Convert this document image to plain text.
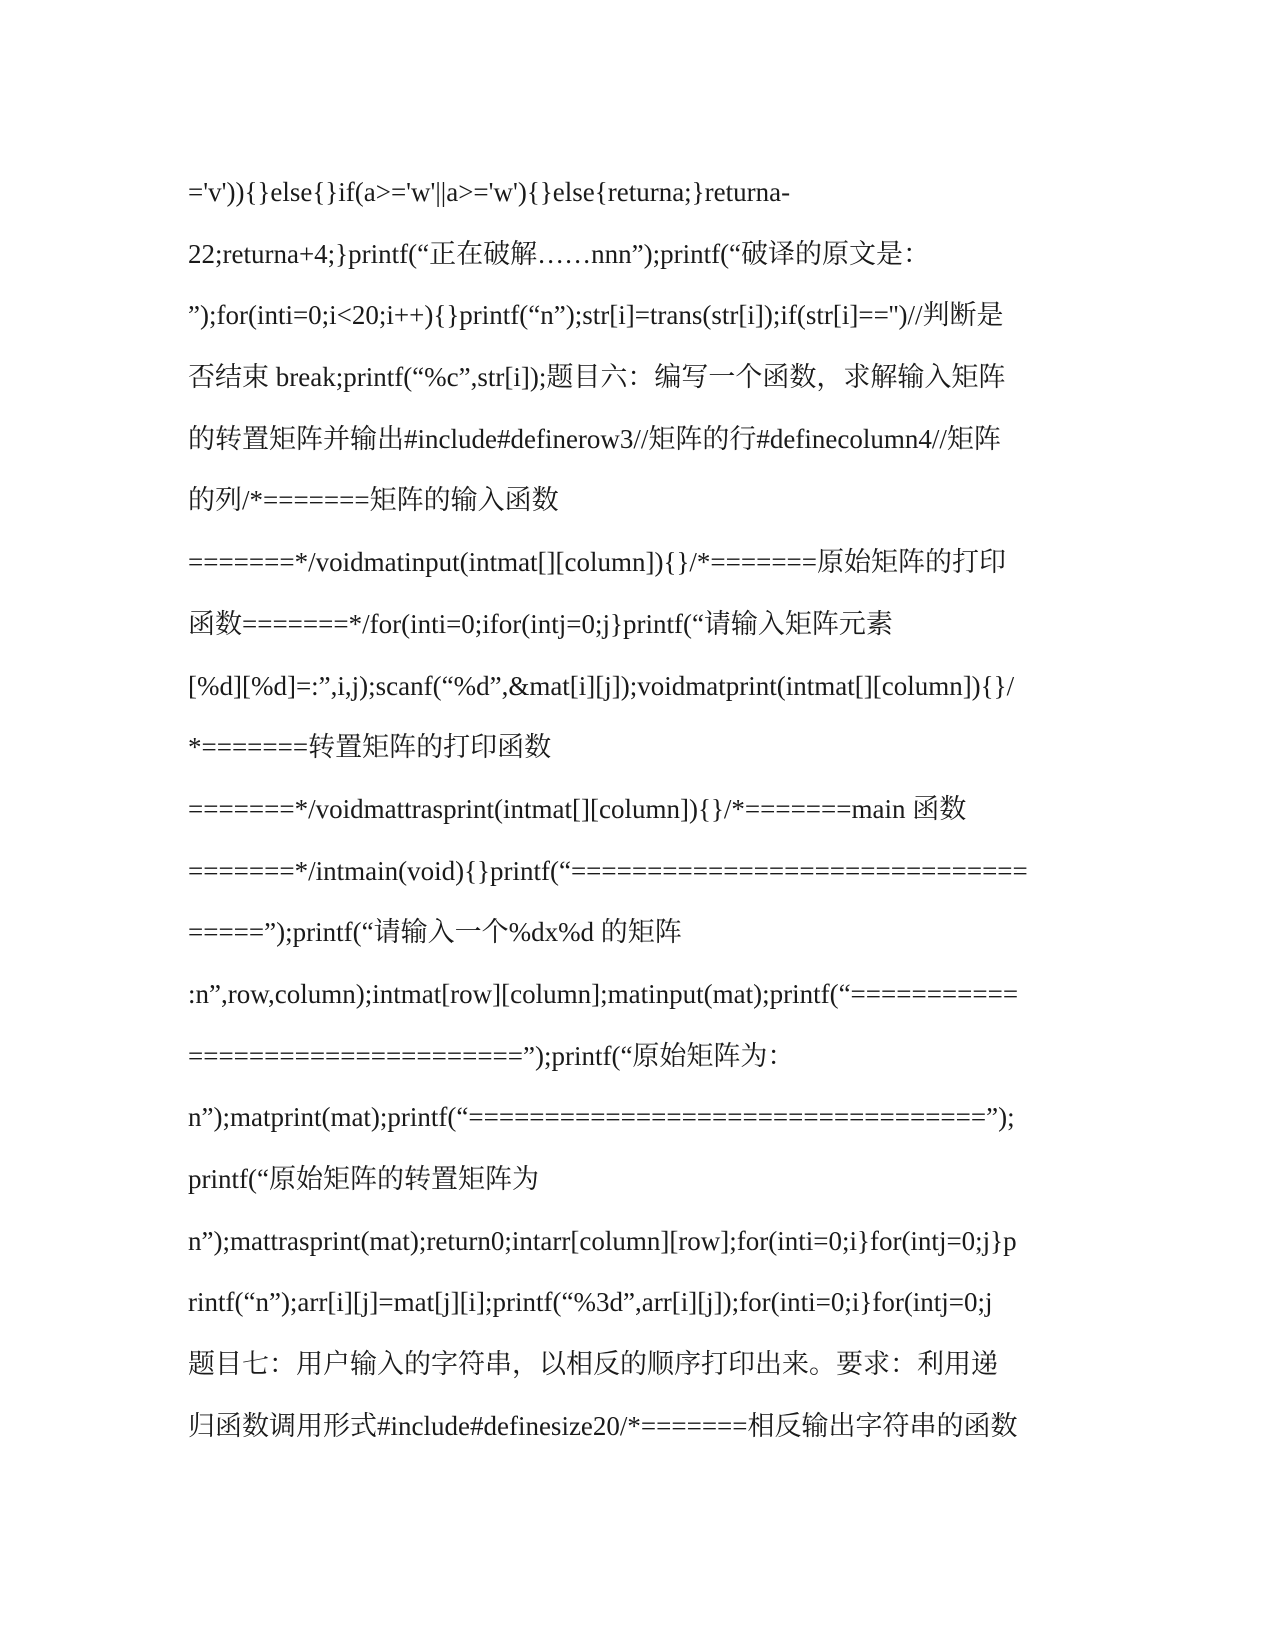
='v')){}else{}if(a>='w'||a>='w'){}else{returna;}returna-
22;returna+4;}printf(“正在破解……nnn”);printf(“破译的原文是：
”);for(inti=0;i<20;i++){}printf(“n”);str[i]=trans(str[i]);if(str[i]=='')//判断是
否结束 break;printf(“%c”,str[i]);题目六：编写一个函数，求解输入矩阵
的转置矩阵并输出#include#definerow3//矩阵的行#definecolumn4//矩阵
的列/*=======矩阵的输入函数
=======*/voidmatinput(intmat[][column]){}/*=======原始矩阵的打印
函数=======*/for(inti=0;ifor(intj=0;j}printf(“请输入矩阵元素
[%d][%d]=:”,i,j);scanf(“%d”,&mat[i][j]);voidmatprint(intmat[][column]){}/
*=======转置矩阵的打印函数
=======*/voidmattrasprint(intmat[][column]){}/*=======main 函数
=======*/intmain(void){}printf(“==============================
=====”);printf(“请输入一个%dx%d 的矩阵
:n”,row,column);intmat[row][column];matinput(mat);printf(“===========
======================”);printf(“原始矩阵为：
n”);matprint(mat);printf(“==================================”);
printf(“原始矩阵的转置矩阵为
n”);mattrasprint(mat);return0;intarr[column][row];for(inti=0;i}for(intj=0;j}p
rintf(“n”);arr[i][j]=mat[j][i];printf(“%3d”,arr[i][j]);for(inti=0;i}for(intj=0;j
题目七：用户输入的字符串，以相反的顺序打印出来。要求：利用递
归函数调用形式#include#definesize20/*=======相反输出字符串的函数
